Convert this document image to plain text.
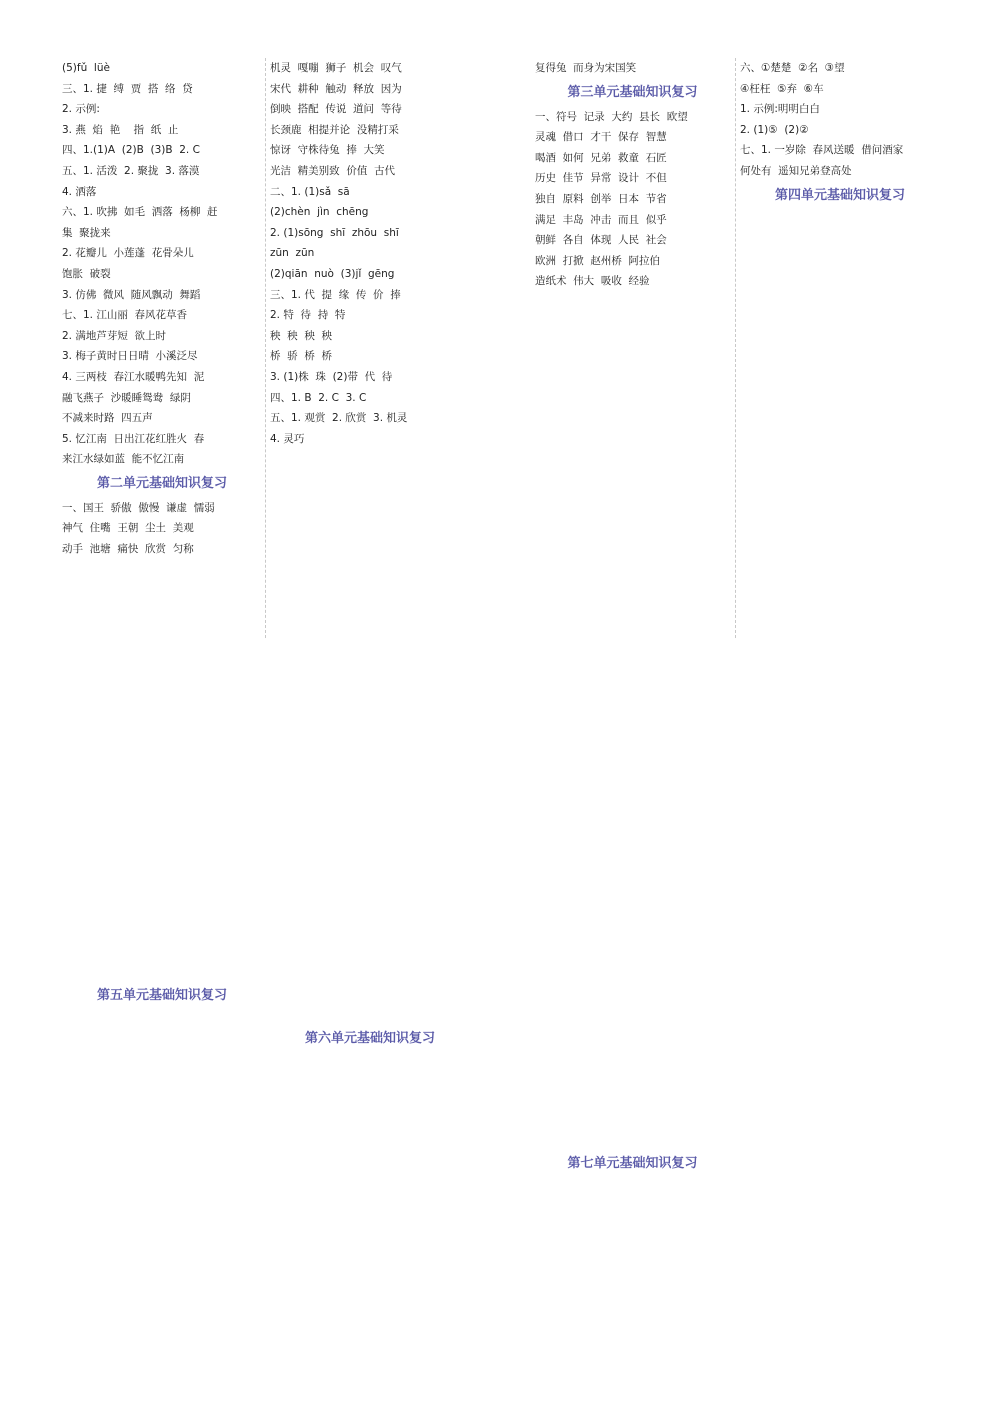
(5)fǔ  lüè
三、1. 捷  缚  贾  搭  络  贷
2. 示例:
3. 燕  焰  艳    指  纸  止
四、1.(1)A  (2)B  (3)B  2. C
五、1. 活泼  2. 聚拢  3. 落漠
4. 洒落
六、1. 吹拂  如毛  洒落  杨柳  赶
集  聚拢来
2. 花瓣儿  小莲蓬  花骨朵儿
饱胀  破裂
3. 仿佛  微风  随风飘动  舞蹈
七、1. 江山丽  春风花草香
2. 满地芦芽短  欲上时
3. 梅子黄时日日晴  小溪泛尽
4. 三两枝  春江水暖鸭先知  泥
融飞燕子  沙暖睡鸳鸯  绿阴
不减来时路  四五声
5. 忆江南  日出江花红胜火  春
来江水绿如蓝  能不忆江南
第二单元基础知识复习
一、国王  骄傲  傲慢  谦虚  懦弱
神气  住嘴  王朝  尘土  美观
动手  池塘  痛快  欣赏  匀称
机灵  嘎嘣  狮子  机会  叹气
宋代  耕种  触动  释放  因为
倒映  搭配  传说  道问  等待
长颈鹿  相提并论  没精打采
惊讶  守株待兔  捧  大笑
光洁  精美别致  价值  古代
二、1. (1)sǎ  sā
(2)chèn  jìn  chēng
2. (1)sōng  shī  zhōu  shī
zūn  zūn
(2)qiān  nuò  (3)jǐ  gēng
三、1. 代  提  缘  传  价  捧
2. 特  待  持  特
秧  秧  秧  秧
桥  骄  桥  桥
3. (1)株  珠  (2)带  代  待
四、1. B  2. C  3. C
五、1. 观赏  2. 欣赏  3. 机灵
4. 灵巧
复得兔  而身为宋国笑
第三单元基础知识复习
一、符号  记录  大约  县长  欧望
灵魂  借口  才干  保存  智慧
喝酒  如何  兄弟  救童  石匠
历史  佳节  异常  设计  不但
独自  原料  创举  日本  节省
满足  丰岛  冲击  而且  似乎
朝鲜  各自  体现  人民  社会
欧洲  打掀  赵州桥  阿拉伯
造纸术  伟大  吸收  经验
六、①楚楚  ②名  ③望
④枉枉  ⑤弃  ⑥车
1. 示例:明明白白
2. (1)⑤  (2)②
七、1. 一岁除  春风送暖  借问酒家
何处有  遥知兄弟登高处
第四单元基础知识复习
第五单元基础知识复习
第六单元基础知识复习
第七单元基础知识复习
